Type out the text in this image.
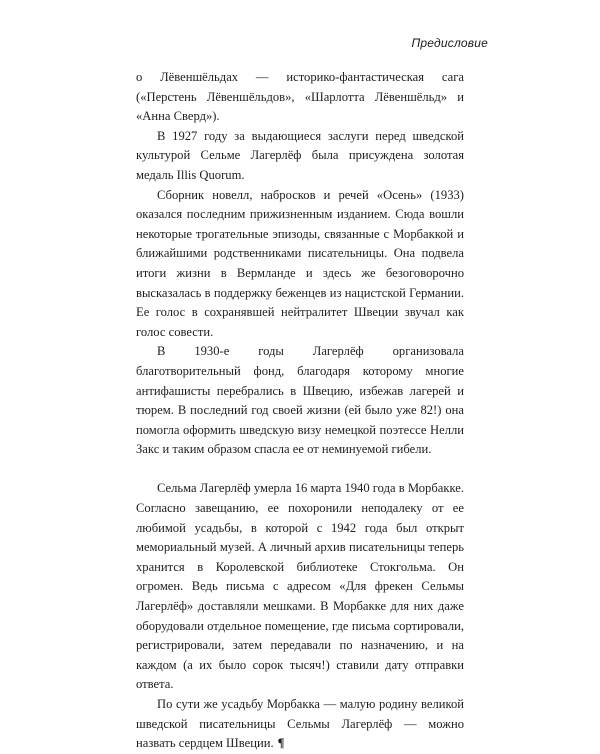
Предисловие

о Лёвеншёльдах — историко-фантастическая сага («Перстень Лёвеншёльдов», «Шарлотта Лёвеншёльд» и «Анна Сверд»).

В 1927 году за выдающиеся заслуги перед шведской культурой Сельме Лагерлёф была присуждена золотая медаль Illis Quorum.

Сборник новелл, набросков и речей «Осень» (1933) оказался последним прижизненным изданием. Сюда вошли некоторые трогательные эпизоды, связанные с Морбаккой и ближайшими родственниками писательницы. Она подвела итоги жизни в Вермланде и здесь же безоговорочно высказалась в поддержку беженцев из нацистской Германии. Ее голос в сохранявшей нейтралитет Швеции звучал как голос совести.

В 1930-е годы Лагерлёф организовала благотворительный фонд, благодаря которому многие антифашисты перебрались в Швецию, избежав лагерей и тюрем. В последний год своей жизни (ей было уже 82!) она помогла оформить шведскую визу немецкой поэтессе Нелли Закс и таким образом спасла ее от неминуемой гибели.

Сельма Лагерлёф умерла 16 марта 1940 года в Морбакке. Согласно завещанию, ее похоронили неподалеку от ее любимой усадьбы, в которой с 1942 года был открыт мемориальный музей. А личный архив писательницы теперь хранится в Королевской библиотеке Стокгольма. Он огромен. Ведь письма с адресом «Для фрекен Сельмы Лагерлёф» доставляли мешками. В Морбакке для них даже оборудовали отдельное помещение, где письма сортировали, регистрировали, затем передавали по назначению, и на каждом (а их было сорок тысяч!) ставили дату отправки ответа.

По сути же усадьбу Морбакка — малую родину великой шведской писательницы Сельмы Лагерлёф — можно назвать сердцем Швеции. ¶
